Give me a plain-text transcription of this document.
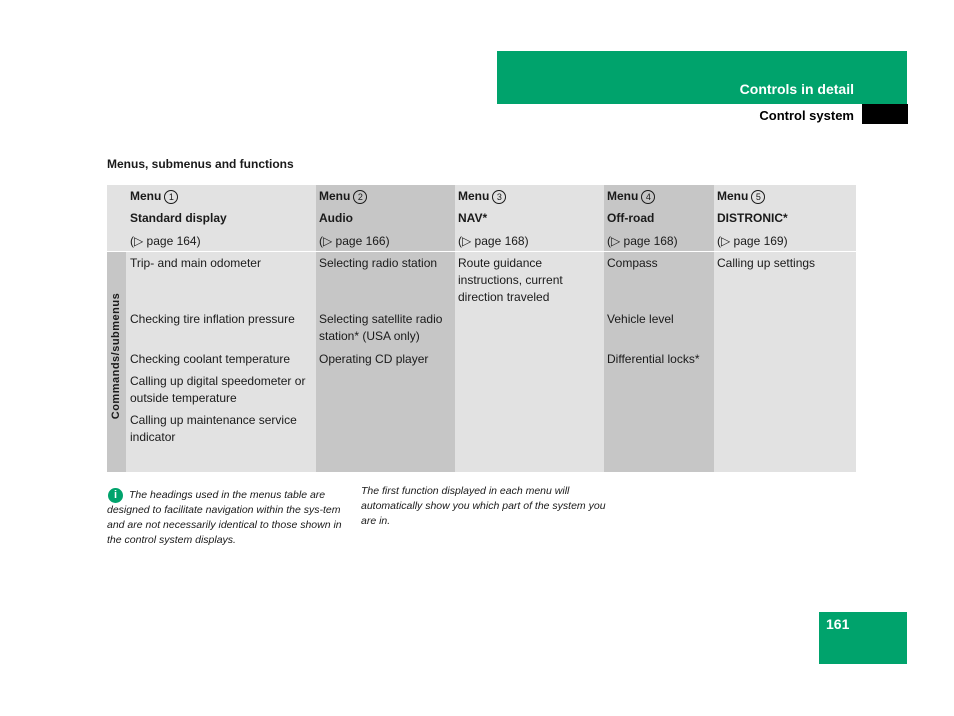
Controls in detail
Control system
Menus, submenus and functions
Commands/submenus
Menu 1
Standard display
(▷ page 164)
Menu 2
Audio
(▷ page 166)
Menu 3
NAV*
(▷ page 168)
Menu 4
Off-road
(▷ page 168)
Menu 5
DISTRONIC*
(▷ page 169)
Trip- and main odometer
Checking tire inflation pressure
Checking coolant temperature
Calling up digital speedometer or outside temperature
Calling up maintenance service indicator
Selecting radio station
Selecting satellite radio station* (USA only)
Operating CD player
Route guidance instructions, current direction traveled
Compass
Vehicle level
Differential locks*
Calling up settings
i	The headings used in the menus table are designed to facilitate navigation within the sys-tem and are not necessarily identical to those shown in the control system displays.
The first function displayed in each menu will automatically show you which part of the system you are in.
161
